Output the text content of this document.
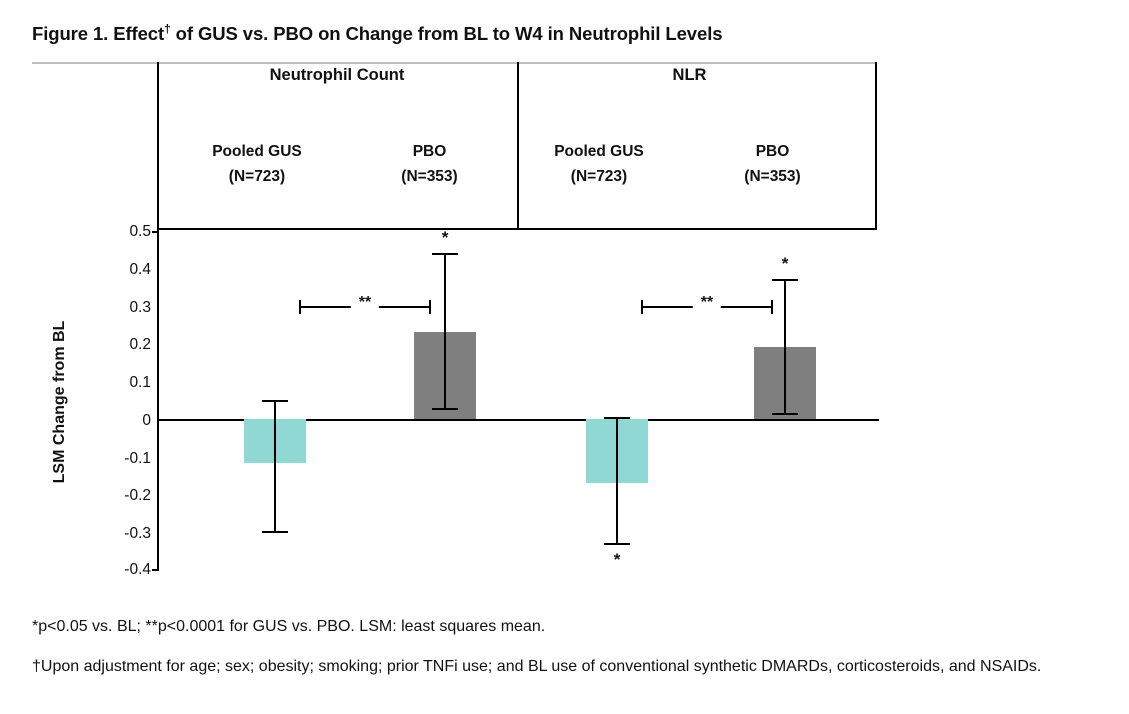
Figure 1. Effect† of GUS vs. PBO on Change from BL to W4 in Neutrophil Levels
Neutrophil Count	NLR
Pooled GUS
(N=723)
PBO
(N=353)
Pooled GUS
(N=723)
PBO
(N=353)
LSM Change from BL
0.5
0.4
0.3
0.2
0.1
0
-0.1
-0.2
-0.3
-0.4
*
**
*
*
**
*p<0.05 vs. BL; **p<0.0001 for GUS vs. PBO. LSM: least squares mean.
†Upon adjustment for age; sex; obesity; smoking; prior TNFi use; and BL use of conventional synthetic DMARDs, corticosteroids, and NSAIDs.
